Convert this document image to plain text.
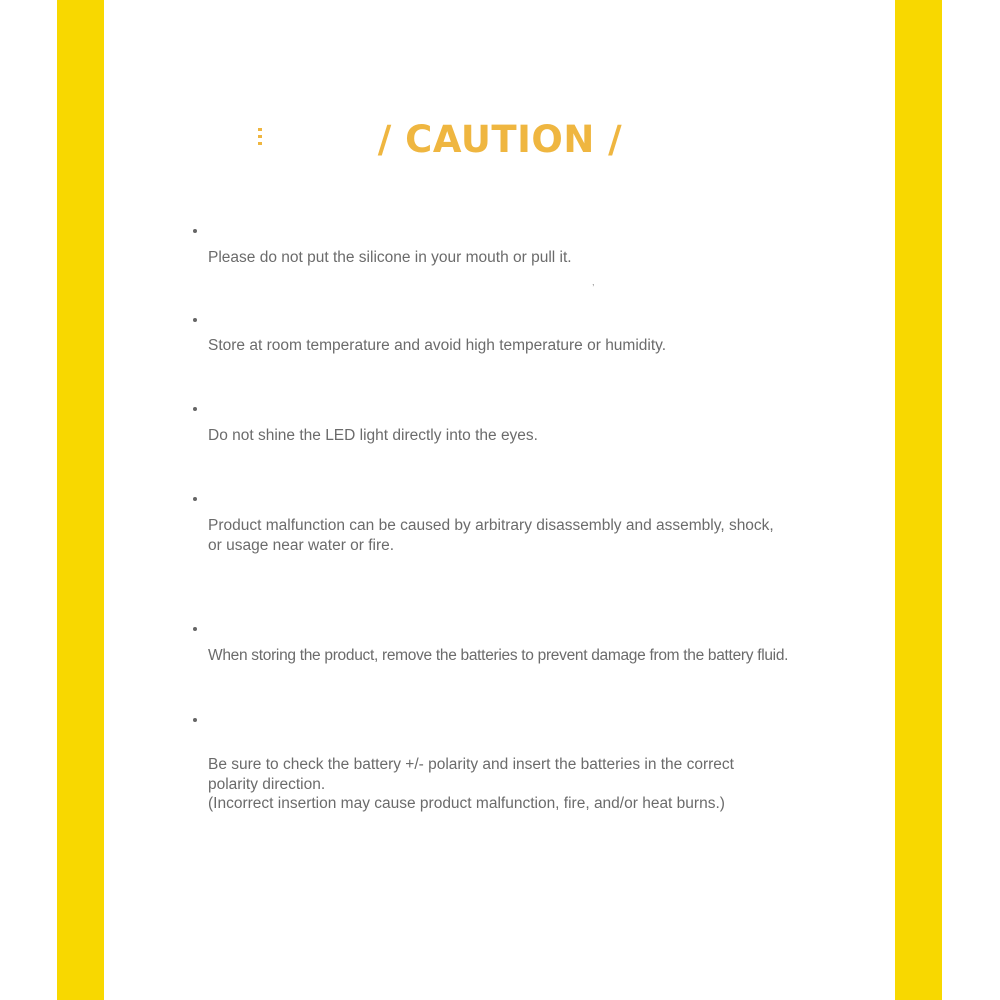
/ CAUTION /

Please do not put the silicone in your mouth or pull it.

,

Store at room temperature and avoid high temperature or humidity.

Do not shine the LED light directly into the eyes.

Product malfunction can be caused by arbitrary disassembly and assembly, shock,
or usage near water or fire.

When storing the product, remove the batteries to prevent damage from the battery fluid.

Be sure to check the battery +/- polarity and insert the batteries in the correct
polarity direction.
(Incorrect insertion may cause product malfunction, fire, and/or heat burns.)
